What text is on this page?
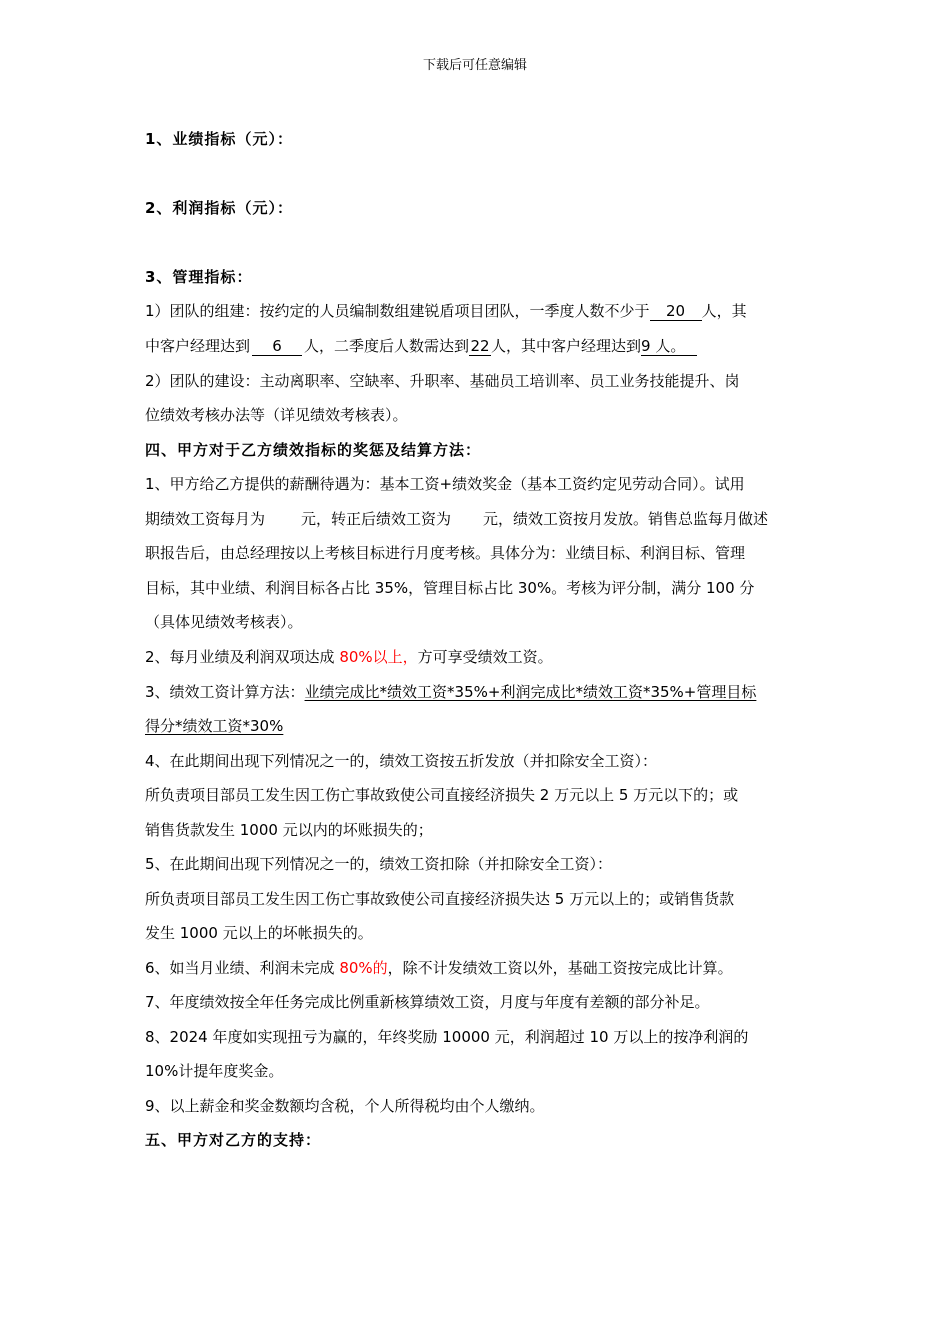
下载后可任意编辑
1、业绩指标（元）：
2、利润指标（元）：
3、管理指标：
1）团队的组建：按约定的人员编制数组建锐盾项目团队，一季度人数不少于 20 人，其
中客户经理达到 6 人，二季度后人数需达到22人，其中客户经理达到9 人。
2）团队的建设：主动离职率、空缺率、升职率、基础员工培训率、员工业务技能提升、岗
位绩效考核办法等（详见绩效考核表）。
四、甲方对于乙方绩效指标的奖惩及结算方法：
1、甲方给乙方提供的薪酬待遇为：基本工资+绩效奖金（基本工资约定见劳动合同）。试用
期绩效工资每月为 元，转正后绩效工资为 元，绩效工资按月发放。销售总监每月做述
职报告后，由总经理按以上考核目标进行月度考核。具体分为：业绩目标、利润目标、管理
目标，其中业绩、利润目标各占比 35%，管理目标占比 30%。考核为评分制，满分 100 分
（具体见绩效考核表）。
2、每月业绩及利润双项达成 80%以上，方可享受绩效工资。
3、绩效工资计算方法：业绩完成比*绩效工资*35%+利润完成比*绩效工资*35%+管理目标
得分*绩效工资*30%
4、在此期间出现下列情况之一的，绩效工资按五折发放（并扣除安全工资）：
所负责项目部员工发生因工伤亡事故致使公司直接经济损失 2 万元以上 5 万元以下的；或
销售货款发生 1000 元以内的坏账损失的；
5、在此期间出现下列情况之一的，绩效工资扣除（并扣除安全工资）：
所负责项目部员工发生因工伤亡事故致使公司直接经济损失达 5 万元以上的；或销售货款
发生 1000 元以上的坏帐损失的。
6、如当月业绩、利润未完成 80%的，除不计发绩效工资以外，基础工资按完成比计算。
7、年度绩效按全年任务完成比例重新核算绩效工资，月度与年度有差额的部分补足。
8、2024 年度如实现扭亏为赢的，年终奖励 10000 元，利润超过 10 万以上的按净利润的
10%计提年度奖金。
9、以上薪金和奖金数额均含税，个人所得税均由个人缴纳。
五、甲方对乙方的支持：
